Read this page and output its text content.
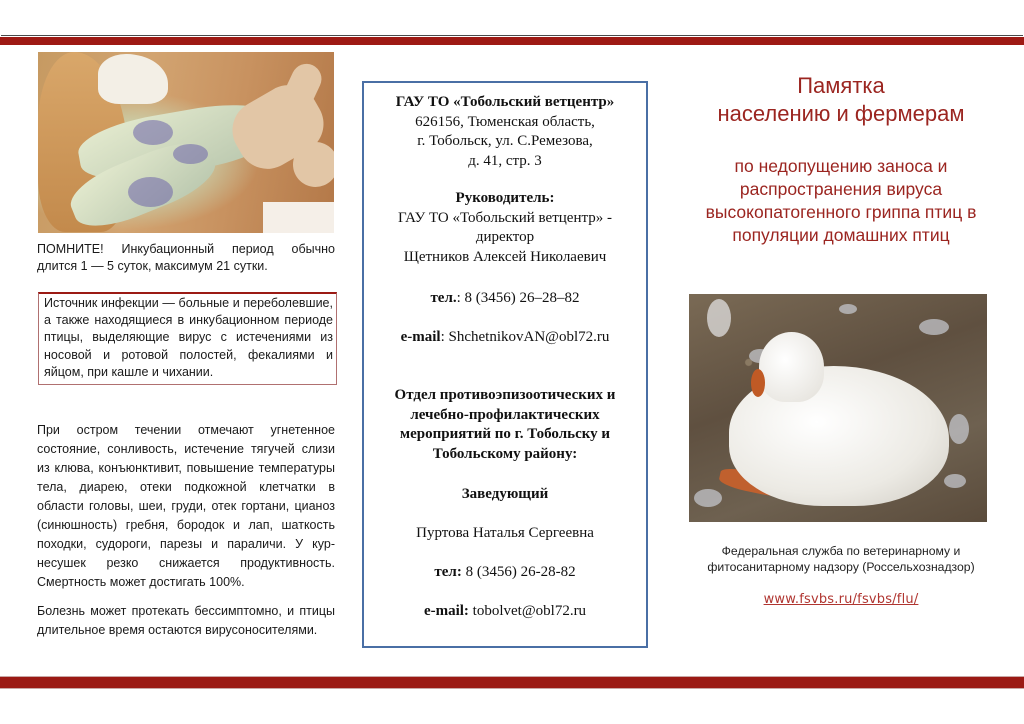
ПОМНИТЕ! Инкубационный период обычно длится 1 — 5 суток, максимум 21 сутки.
Источник инфекции — больные и переболевшие, а также находящиеся в инкубационном периоде птицы, выделяющие вирус с истечениями из носовой и ротовой полостей, фекалиями и яйцом, при кашле и чихании.
При остром течении отмечают угнетенное состояние, сонливость, истечение тягучей слизи из клюва, конъюнктивит, повышение температуры тела, диарею, отеки подкожной клетчатки в области головы, шеи, груди, отек гортани, цианоз (синюшность) гребня, бородок и лап, шаткость походки, судороги, парезы и параличи. У кур-несушек резко снижается продуктивность. Смертность может достигать 100%.
Болезнь может протекать бессимптомно, и птицы длительное время остаются вирусоносителями.
ГАУ ТО «Тобольский ветцентр»
626156, Тюменская область,
г. Тобольск, ул. С.Ремезова,
д. 41, стр. 3
Руководитель:
ГАУ ТО «Тобольский ветцентр» -
директор
Щетников Алексей Николаевич
тел.: 8 (3456) 26–28–82
e-mail: ShchetnikovAN@obl72.ru
Отдел противоэпизоотических и
лечебно-профилактических
мероприятий по г. Тобольску и
Тобольскому району:
Заведующий
Пуртова Наталья Сергеевна
тел: 8 (3456) 26-28-82
e-mail: tobolvet@obl72.ru
Памятка
населению и фермерам
по недопущению заноса и распространения вируса высокопатогенного гриппа птиц в популяции домашних птиц
Федеральная служба по ветеринарному и
фитосанитарному надзору (Россельхознадзор)
www.fsvbs.ru/fsvbs/flu/
